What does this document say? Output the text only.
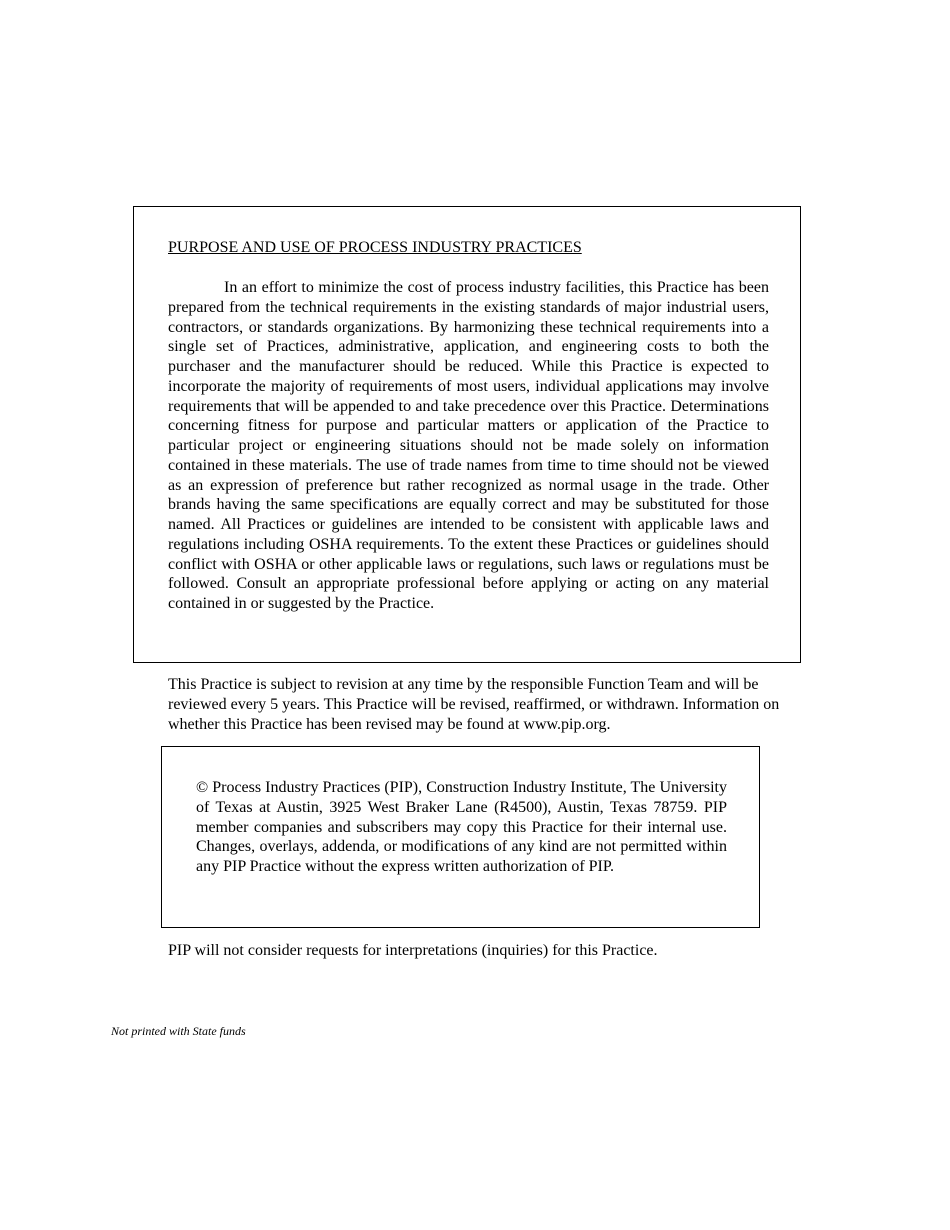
PURPOSE AND USE OF PROCESS INDUSTRY PRACTICES

In an effort to minimize the cost of process industry facilities, this Practice has been prepared from the technical requirements in the existing standards of major industrial users, contractors, or standards organizations. By harmonizing these technical requirements into a single set of Practices, administrative, application, and engineering costs to both the purchaser and the manufacturer should be reduced. While this Practice is expected to incorporate the majority of requirements of most users, individual applications may involve requirements that will be appended to and take precedence over this Practice. Determinations concerning fitness for purpose and particular matters or application of the Practice to particular project or engineering situations should not be made solely on information contained in these materials. The use of trade names from time to time should not be viewed as an expression of preference but rather recognized as normal usage in the trade. Other brands having the same specifications are equally correct and may be substituted for those named. All Practices or guidelines are intended to be consistent with applicable laws and regulations including OSHA requirements. To the extent these Practices or guidelines should conflict with OSHA or other applicable laws or regulations, such laws or regulations must be followed. Consult an appropriate professional before applying or acting on any material contained in or suggested by the Practice.

This Practice is subject to revision at any time by the responsible Function Team and will be reviewed every 5 years. This Practice will be revised, reaffirmed, or withdrawn. Information on whether this Practice has been revised may be found at www.pip.org.

© Process Industry Practices (PIP), Construction Industry Institute, The University of Texas at Austin, 3925 West Braker Lane (R4500), Austin, Texas 78759. PIP member companies and subscribers may copy this Practice for their internal use. Changes, overlays, addenda, or modifications of any kind are not permitted within any PIP Practice without the express written authorization of PIP.

PIP will not consider requests for interpretations (inquiries) for this Practice.

Not printed with State funds
